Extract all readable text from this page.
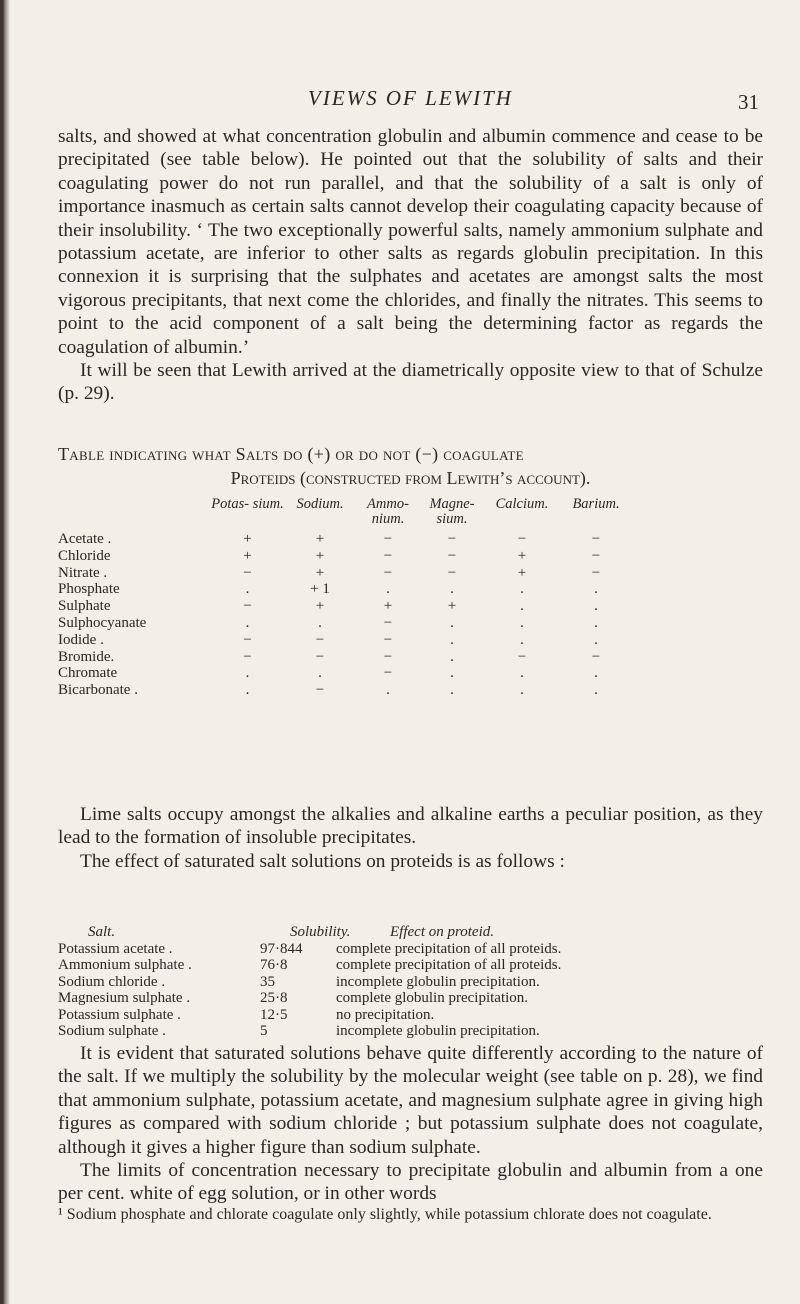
VIEWS OF LEWITH	31

salts, and showed at what concentration globulin and albumin commence and cease to be precipitated (see table below). He pointed out that the solubility of salts and their coagulating power do not run parallel, and that the solubility of a salt is only of importance inasmuch as certain salts cannot develop their coagulating capacity because of their insolubility. ‘ The two exceptionally powerful salts, namely ammonium sulphate and potassium acetate, are inferior to other salts as regards globulin precipitation. In this connexion it is surprising that the sulphates and acetates are amongst salts the most vigorous precipitants, that next come the chlorides, and finally the nitrates. This seems to point to the acid component of a salt being the determining factor as regards the coagulation of albumin.’

It will be seen that Lewith arrived at the diametrically opposite view to that of Schulze (p. 29).

Table indicating what Salts do (+) or do not (−) coagulate
Proteids (constructed from Lewith’s account).
	Potas- sium.	Sodium.	Ammo- nium.	Magne- sium.	Calcium.	Barium.
Acetate .	+	+	−	−	−	−
Chloride	+	+	−	−	+	−
Nitrate .	−	+	−	−	+	−
Phosphate	.	+ 1	.	.	.	.
Sulphate	−	+	+	+	.	.
Sulphocyanate	.	.	−	.	.	.
Iodide .	−	−	−	.	.	.
Bromide.	−	−	−	.	−	−
Chromate	.	.	−	.	.	.
Bicarbonate .	.	−	.	.	.	.

Lime salts occupy amongst the alkalies and alkaline earths a peculiar position, as they lead to the formation of insoluble precipitates.

The effect of saturated salt solutions on proteids is as follows :

Salt.	Solubility.	Effect on proteid.
Potassium acetate .	97·844	complete precipitation of all proteids.
Ammonium sulphate .	76·8	complete precipitation of all proteids.
Sodium chloride .	35	incomplete globulin precipitation.
Magnesium sulphate .	25·8	complete globulin precipitation.
Potassium sulphate .	12·5	no precipitation.
Sodium sulphate .	5	incomplete globulin precipitation.

It is evident that saturated solutions behave quite differently according to the nature of the salt. If we multiply the solubility by the molecular weight (see table on p. 28), we find that ammonium sulphate, potassium acetate, and magnesium sulphate agree in giving high figures as compared with sodium chloride ; but potassium sulphate does not coagulate, although it gives a higher figure than sodium sulphate.

The limits of concentration necessary to precipitate globulin and albumin from a one per cent. white of egg solution, or in other words

¹ Sodium phosphate and chlorate coagulate only slightly, while potassium chlorate does not coagulate.
